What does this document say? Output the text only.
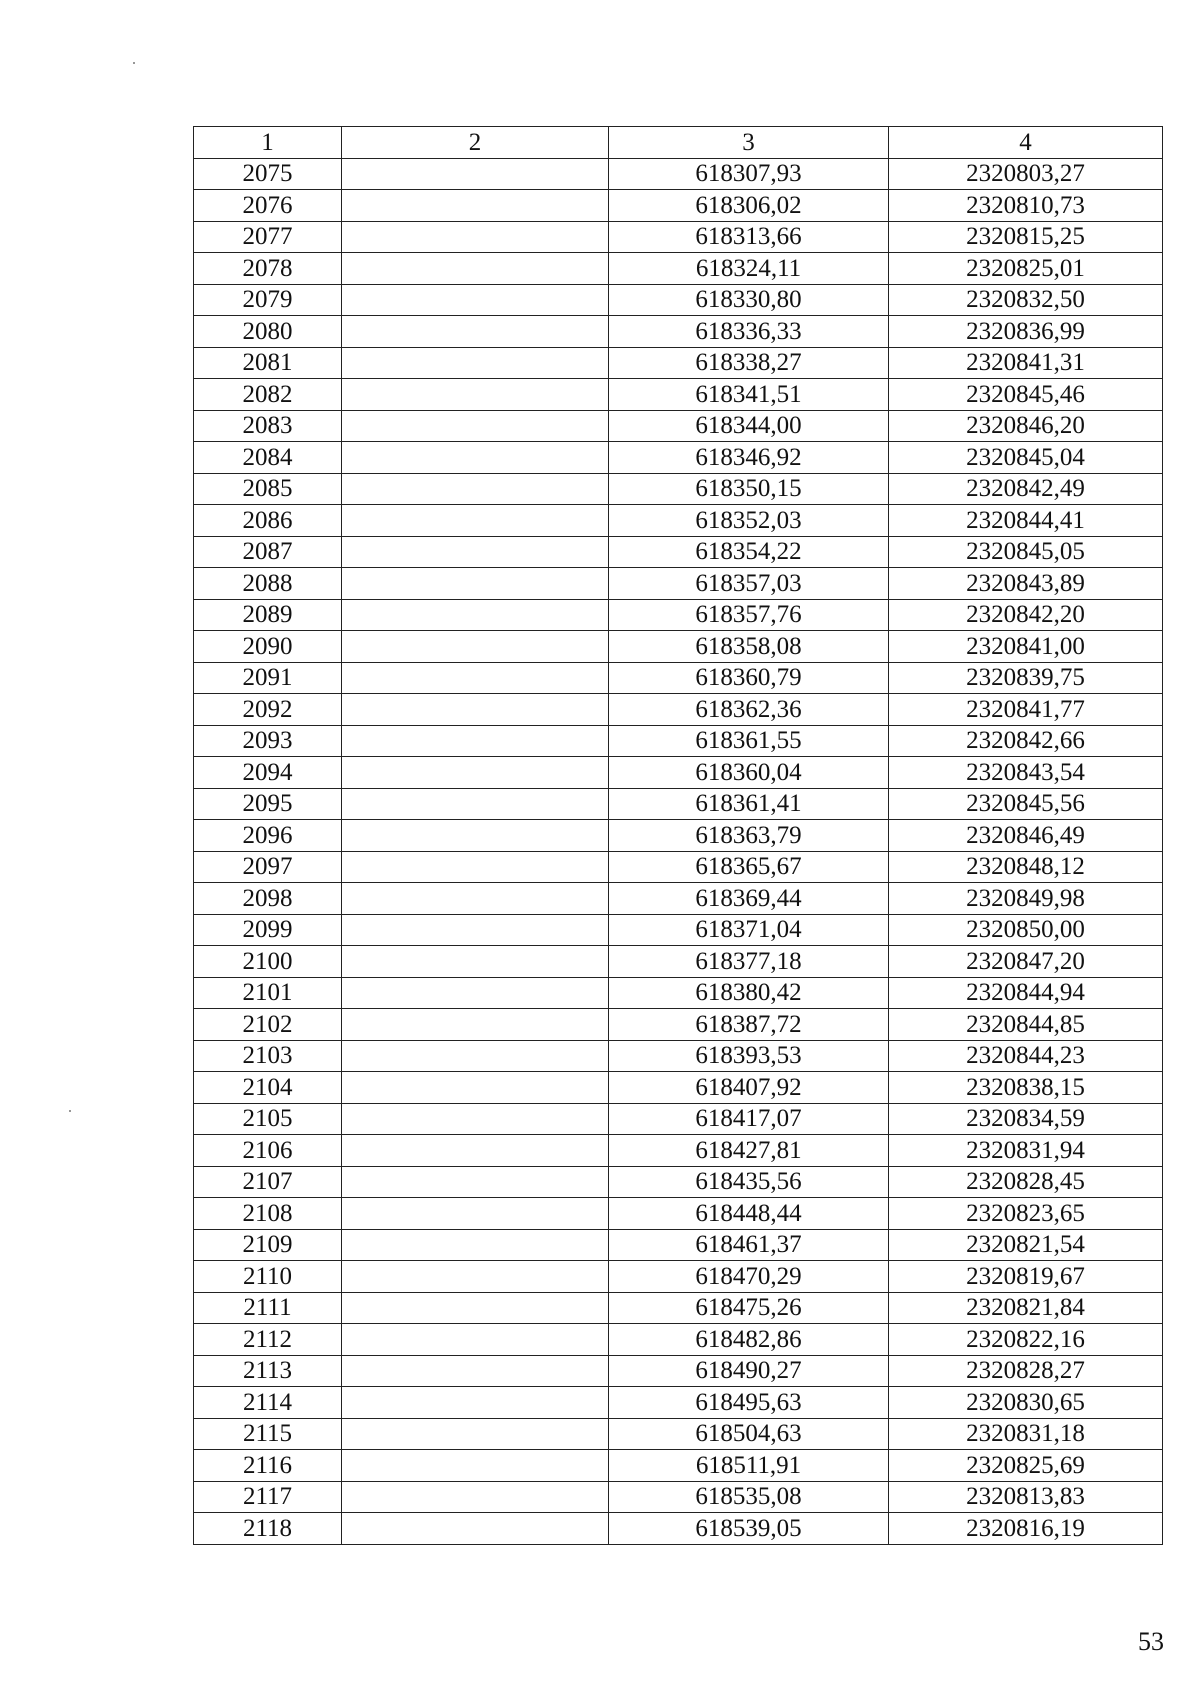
1	2	3	4
2075		618307,93	2320803,27
2076		618306,02	2320810,73
2077		618313,66	2320815,25
2078		618324,11	2320825,01
2079		618330,80	2320832,50
2080		618336,33	2320836,99
2081		618338,27	2320841,31
2082		618341,51	2320845,46
2083		618344,00	2320846,20
2084		618346,92	2320845,04
2085		618350,15	2320842,49
2086		618352,03	2320844,41
2087		618354,22	2320845,05
2088		618357,03	2320843,89
2089		618357,76	2320842,20
2090		618358,08	2320841,00
2091		618360,79	2320839,75
2092		618362,36	2320841,77
2093		618361,55	2320842,66
2094		618360,04	2320843,54
2095		618361,41	2320845,56
2096		618363,79	2320846,49
2097		618365,67	2320848,12
2098		618369,44	2320849,98
2099		618371,04	2320850,00
2100		618377,18	2320847,20
2101		618380,42	2320844,94
2102		618387,72	2320844,85
2103		618393,53	2320844,23
2104		618407,92	2320838,15
2105		618417,07	2320834,59
2106		618427,81	2320831,94
2107		618435,56	2320828,45
2108		618448,44	2320823,65
2109		618461,37	2320821,54
2110		618470,29	2320819,67
2111		618475,26	2320821,84
2112		618482,86	2320822,16
2113		618490,27	2320828,27
2114		618495,63	2320830,65
2115		618504,63	2320831,18
2116		618511,91	2320825,69
2117		618535,08	2320813,83
2118		618539,05	2320816,19
53
